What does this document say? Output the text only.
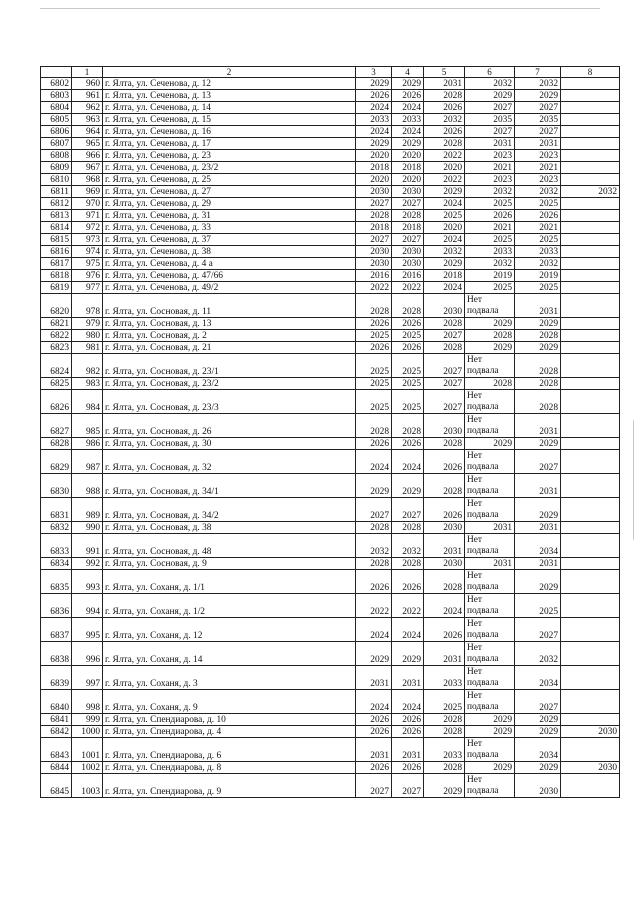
	1	2	3	4	5	6	7	8
6802	960	г. Ялта, ул. Сеченова, д. 12	2029	2029	2031	2032	2032	
6803	961	г. Ялта, ул. Сеченова, д. 13	2026	2026	2028	2029	2029	
6804	962	г. Ялта, ул. Сеченова, д. 14	2024	2024	2026	2027	2027	
6805	963	г. Ялта, ул. Сеченова, д. 15	2033	2033	2032	2035	2035	
6806	964	г. Ялта, ул. Сеченова, д. 16	2024	2024	2026	2027	2027	
6807	965	г. Ялта, ул. Сеченова, д. 17	2029	2029	2028	2031	2031	
6808	966	г. Ялта, ул. Сеченова, д. 23	2020	2020	2022	2023	2023	
6809	967	г. Ялта, ул. Сеченова, д. 23/2	2018	2018	2020	2021	2021	
6810	968	г. Ялта, ул. Сеченова, д. 25	2020	2020	2022	2023	2023	
6811	969	г. Ялта, ул. Сеченова, д. 27	2030	2030	2029	2032	2032	2032
6812	970	г. Ялта, ул. Сеченова, д. 29	2027	2027	2024	2025	2025	
6813	971	г. Ялта, ул. Сеченова, д. 31	2028	2028	2025	2026	2026	
6814	972	г. Ялта, ул. Сеченова, д. 33	2018	2018	2020	2021	2021	
6815	973	г. Ялта, ул. Сеченова, д. 37	2027	2027	2024	2025	2025	
6816	974	г. Ялта, ул. Сеченова, д. 38	2030	2030	2032	2033	2033	
6817	975	г. Ялта, ул. Сеченова, д. 4 а	2030	2030	2029	2032	2032	
6818	976	г. Ялта, ул. Сеченова, д. 47/66	2016	2016	2018	2019	2019	
6819	977	г. Ялта, ул. Сеченова, д. 49/2	2022	2022	2024	2025	2025	
6820	978	г. Ялта, ул. Сосновая, д. 11	2028	2028	2030	Нет подвала	2031	
6821	979	г. Ялта, ул. Сосновая, д. 13	2026	2026	2028	2029	2029	
6822	980	г. Ялта, ул. Сосновая, д. 2	2025	2025	2027	2028	2028	
6823	981	г. Ялта, ул. Сосновая, д. 21	2026	2026	2028	2029	2029	
6824	982	г. Ялта, ул. Сосновая, д. 23/1	2025	2025	2027	Нет подвала	2028	
6825	983	г. Ялта, ул. Сосновая, д. 23/2	2025	2025	2027	2028	2028	
6826	984	г. Ялта, ул. Сосновая, д. 23/3	2025	2025	2027	Нет подвала	2028	
6827	985	г. Ялта, ул. Сосновая, д. 26	2028	2028	2030	Нет подвала	2031	
6828	986	г. Ялта, ул. Сосновая, д. 30	2026	2026	2028	2029	2029	
6829	987	г. Ялта, ул. Сосновая, д. 32	2024	2024	2026	Нет подвала	2027	
6830	988	г. Ялта, ул. Сосновая, д. 34/1	2029	2029	2028	Нет подвала	2031	
6831	989	г. Ялта, ул. Сосновая, д. 34/2	2027	2027	2026	Нет подвала	2029	
6832	990	г. Ялта, ул. Сосновая, д. 38	2028	2028	2030	2031	2031	
6833	991	г. Ялта, ул. Сосновая, д. 48	2032	2032	2031	Нет подвала	2034	
6834	992	г. Ялта, ул. Сосновая, д. 9	2028	2028	2030	2031	2031	
6835	993	г. Ялта, ул. Соханя, д. 1/1	2026	2026	2028	Нет подвала	2029	
6836	994	г. Ялта, ул. Соханя, д. 1/2	2022	2022	2024	Нет подвала	2025	
6837	995	г. Ялта, ул. Соханя, д. 12	2024	2024	2026	Нет подвала	2027	
6838	996	г. Ялта, ул. Соханя, д. 14	2029	2029	2031	Нет подвала	2032	
6839	997	г. Ялта, ул. Соханя, д. 3	2031	2031	2033	Нет подвала	2034	
6840	998	г. Ялта, ул. Соханя, д. 9	2024	2024	2025	Нет подвала	2027	
6841	999	г. Ялта, ул. Спендиарова, д. 10	2026	2026	2028	2029	2029	
6842	1000	г. Ялта, ул. Спендиарова, д. 4	2026	2026	2028	2029	2029	2030
6843	1001	г. Ялта, ул. Спендиарова, д. 6	2031	2031	2033	Нет подвала	2034	
6844	1002	г. Ялта, ул. Спендиарова, д. 8	2026	2026	2028	2029	2029	2030
6845	1003	г. Ялта, ул. Спендиарова, д. 9	2027	2027	2029	Нет подвала	2030	
